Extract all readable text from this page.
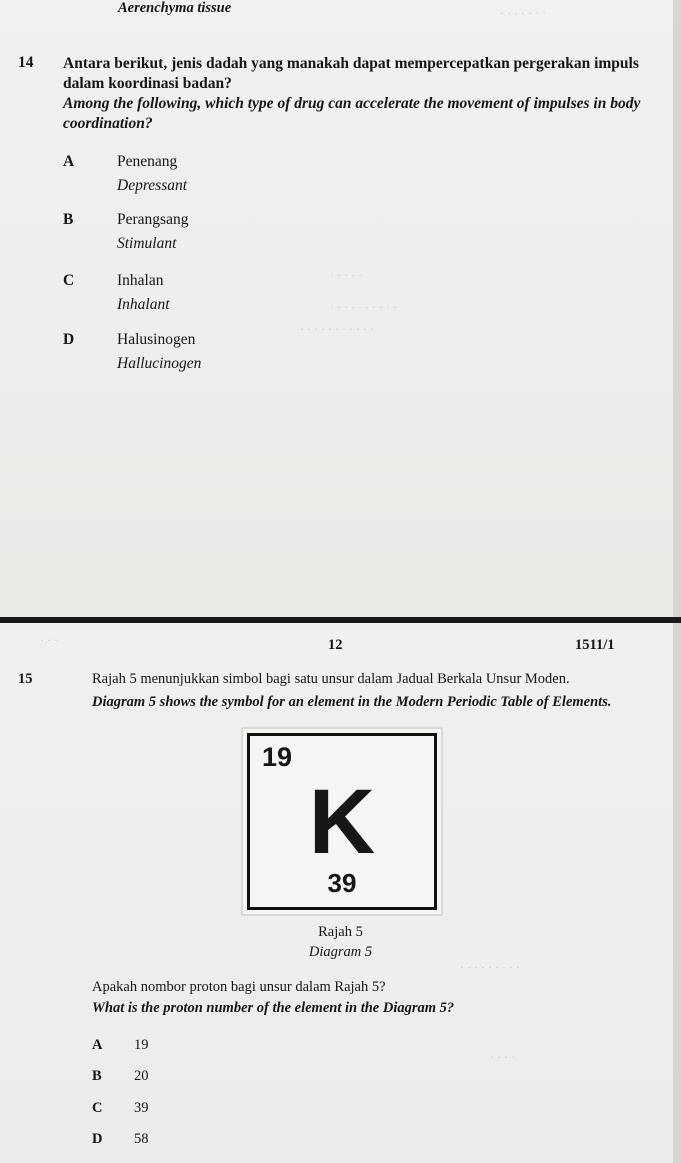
· · · · · · ·
· · · · ·
· · · · · · · · · ·
· · · · · · · · · · ·
Aerenchyma tissue
14 Antara berikut, jenis dadah yang manakah dapat mempercepatkan pergerakan impuls dalam koordinasi badan?
Among the following, which type of drug can accelerate the movement of impulses in body coordination?
A	Penenang
Depressant
B	Perangsang
Stimulant
C	Inhalan
Inhalant
D	Halusinogen
Hallucinogen
· · ·
· · · · · · · · ·
· · · ·
12	1511/1
15	Rajah 5 menunjukkan simbol bagi satu unsur dalam Jadual Berkala Unsur Moden.
Diagram 5 shows the symbol for an element in the Modern Periodic Table of Elements.
19
K
39
Rajah 5
Diagram 5
Apakah nombor proton bagi unsur dalam Rajah 5?
What is the proton number of the element in the Diagram 5?
A 19
B 20
C 39
D 58
